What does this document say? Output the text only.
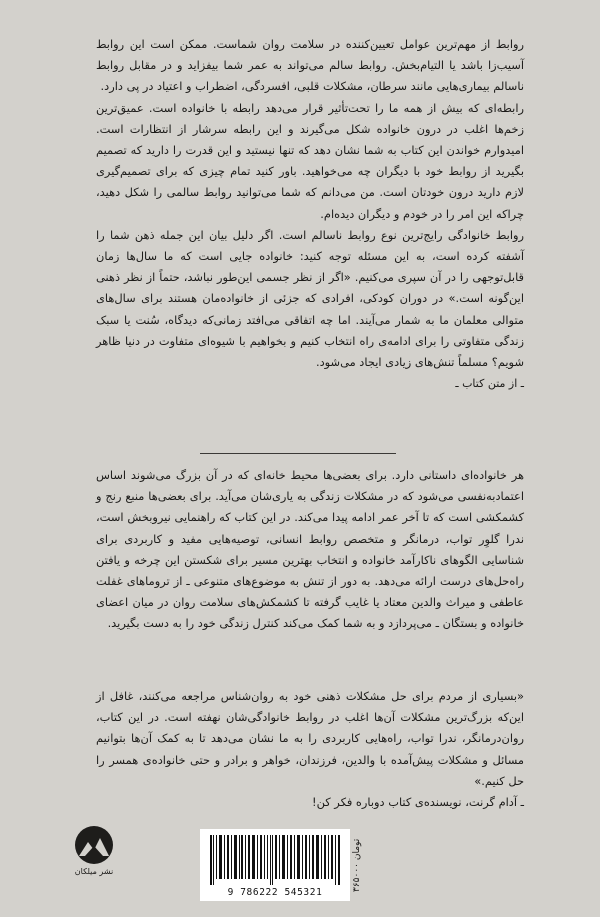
روابط از مهم‌ترین عوامل تعیین‌کننده در سلامت روان شماست. ممکن است این روابط آسیب‌زا باشد یا التیام‌بخش. روابط سالم می‌تواند به عمر شما بیفزاید و در مقابل روابط ناسالم بیماری‌هایی مانند سرطان، مشکلات قلبی، افسردگی، اضطراب و اعتیاد در پی دارد.

رابطه‌ای که بیش از همه ما را تحت‌تأثیر قرار می‌دهد رابطه با خانواده است. عمیق‌ترین زخم‌ها اغلب در درون خانواده شکل می‌گیرند و این رابطه سرشار از انتظارات است. امیدوارم خواندن این کتاب به شما نشان دهد که تنها نیستید و این قدرت را دارید که تصمیم بگیرید از روابط خود با دیگران چه می‌خواهید. باور کنید تمام چیزی که برای تصمیم‌گیری لازم دارید درون خودتان است. من می‌دانم که شما می‌توانید روابط سالمی را شکل دهید، چراکه این امر را در خودم و دیگران دیده‌ام.

روابط خانوادگی رایج‌ترین نوع روابط ناسالم است. اگر دلیل بیان این جمله ذهن شما را آشفته کرده است، به این مسئله توجه کنید: خانواده جایی است که ما سال‌ها زمان قابل‌توجهی را در آن سپری می‌کنیم. «اگر از نظر جسمی این‌طور نباشد، حتماً از نظر ذهنی این‌گونه است.» در دوران کودکی، افرادی که جزئی از خانواده‌مان هستند برای سال‌های متوالی معلمان ما به شمار می‌آیند. اما چه اتفاقی می‌افتد زمانی‌که دیدگاه، سُنت یا سبک زندگی متفاوتی را برای ادامه‌ی راه انتخاب کنیم و بخواهیم با شیوه‌ای متفاوت در دنیا ظاهر شویم؟ مسلماً تنش‌های زیادی ایجاد می‌شود.

ـ از متن کتاب ـ

هر خانواده‌ای داستانی دارد. برای بعضی‌ها محیط خانه‌ای که در آن بزرگ می‌شوند اساس اعتمادبه‌نفسی می‌شود که در مشکلات زندگی به یاری‌شان می‌آید. برای بعضی‌ها منبع رنج و کشمکشی است که تا آخر عمر ادامه پیدا می‌کند. در این کتاب که راهنمایی نیروبخش است، ندرا گلوِر تواب، درمانگر و متخصص روابط انسانی، توصیه‌هایی مفید و کاربردی برای شناسایی الگوهای ناکارآمد خانواده و انتخاب بهترین مسیر برای شکستن این چرخه و یافتن راه‌حل‌های درست ارائه می‌دهد. به دور از تنش به موضوع‌های متنوعی ـ از تروماهای غفلت عاطفی و میراث والدین معتاد یا غایب گرفته تا کشمکش‌های سلامت روان در میان اعضای خانواده و بستگان ـ می‌پردازد و به شما کمک می‌کند کنترل زندگی خود را به دست بگیرید.

«بسیاری از مردم برای حل مشکلات ذهنی خود به روان‌شناس مراجعه می‌کنند، غافل از این‌که بزرگ‌ترین مشکلات آن‌ها اغلب در روابط خانوادگی‌شان نهفته است. در این کتاب، روان‌درمانگر، ندرا تواب، راه‌هایی کاربردی را به ما نشان می‌دهد تا به کمک آن‌ها بتوانیم مسائل و مشکلات پیش‌آمده با والدین، فرزندان، خواهر و برادر و حتی خانواده‌ی همسر را حل کنیم.»

ـ آدام گرنت، نویسنده‌ی کتاب دوباره فکر کن!

نشر میلکان
9 786222 545321
۳۶۵۰۰۰ تومان
